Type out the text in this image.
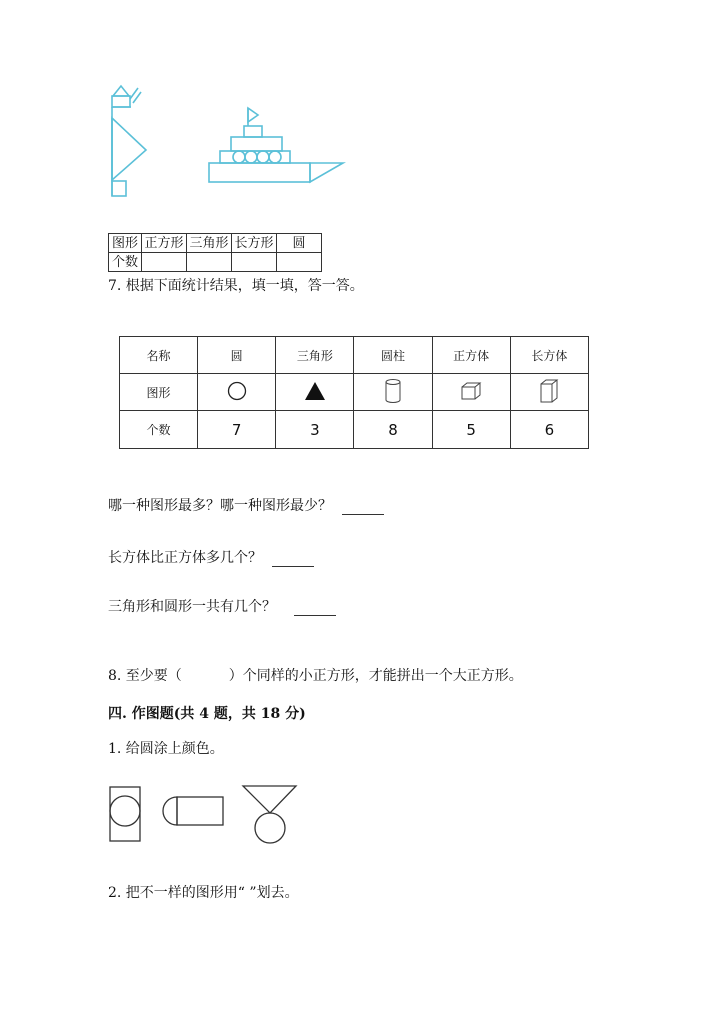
图形	正方形	三角形	长方形	圆
个数				
7. 根据下面统计结果，填一填，答一答。
名称	圆	三角形	圆柱	正方体	长方体
图形					
个数	7	3	8	5	6
哪一种图形最多？哪一种图形最少？
长方体比正方体多几个？
三角形和圆形一共有几个？
8. 至少要（	）个同样的小正方形，才能拼出一个大正方形。
四. 作图题(共 4 题，共 18 分)
1. 给圆涂上颜色。
2. 把不一样的图形用“ ”划去。
